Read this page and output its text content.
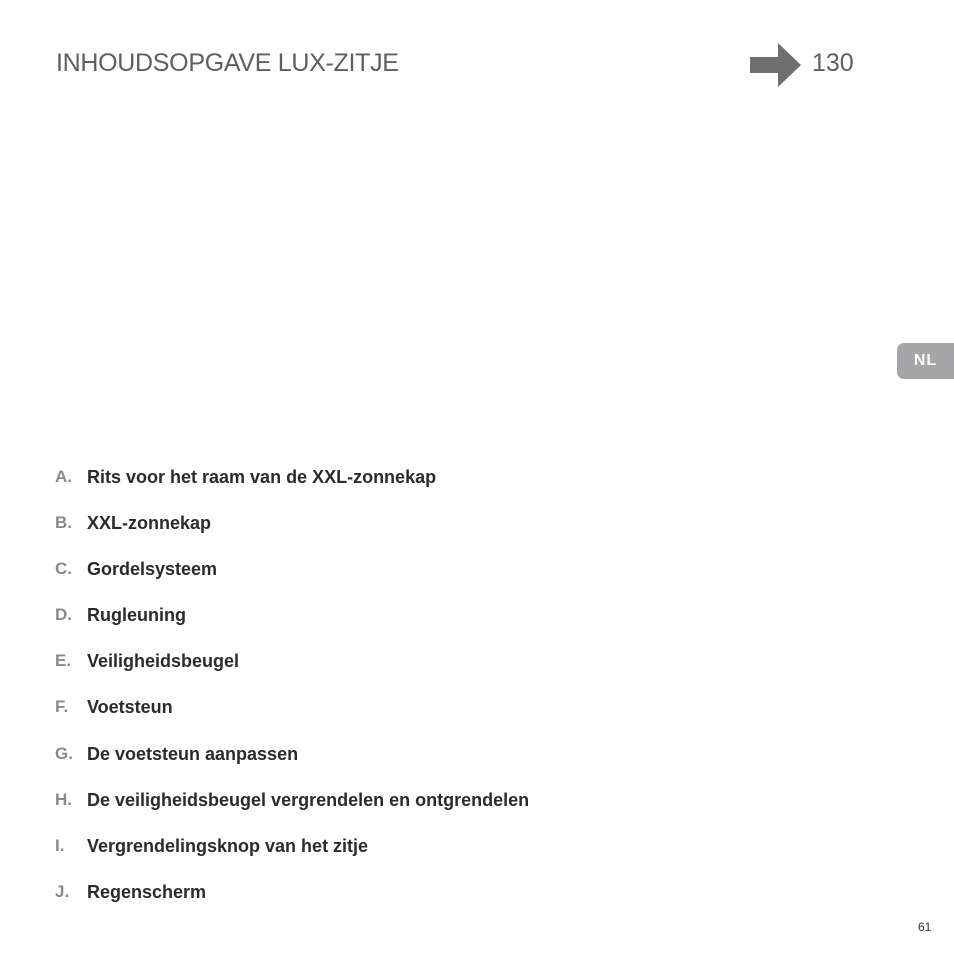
INHOUDSOPGAVE LUX-ZITJE	130
NL
A. Rits voor het raam van de XXL-zonnekap
B. XXL-zonnekap
C. Gordelsysteem
D. Rugleuning
E. Veiligheidsbeugel
F.	Voetsteun
G. De voetsteun aanpassen
H. De veiligheidsbeugel vergrendelen en ontgrendelen
I.	Vergrendelingsknop van het zitje
J. Regenscherm
61
